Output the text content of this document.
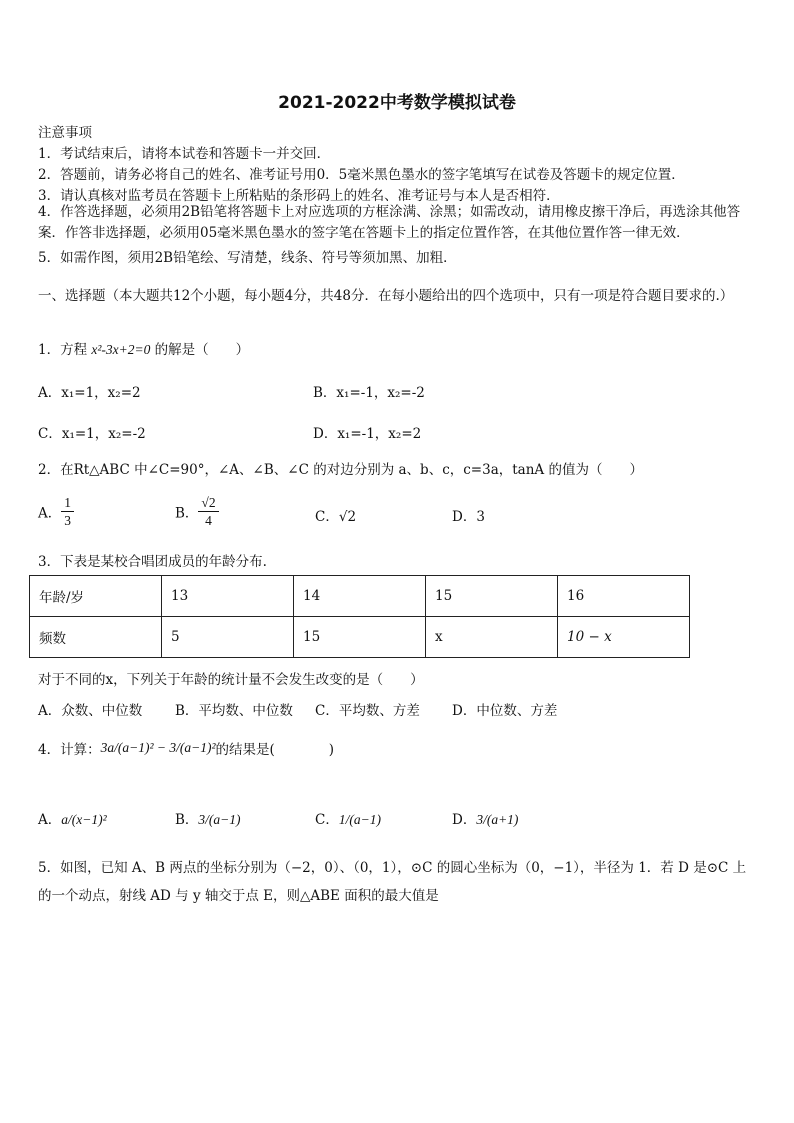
2021-2022中考数学模拟试卷
注意事项
1．考试结束后，请将本试卷和答题卡一并交回．
2．答题前，请务必将自己的姓名、准考证号用0．5毫米黑色墨水的签字笔填写在试卷及答题卡的规定位置．
3．请认真核对监考员在答题卡上所粘贴的条形码上的姓名、准考证号与本人是否相符．
4．作答选择题，必须用2B铅笔将答题卡上对应选项的方框涂满、涂黑；如需改动，请用橡皮擦干净后，再选涂其他答案．作答非选择题，必须用05毫米黑色墨水的签字笔在答题卡上的指定位置作答，在其他位置作答一律无效．
5．如需作图，须用2B铅笔绘、写清楚，线条、符号等须加黑、加粗．
一、选择题（本大题共12个小题，每小题4分，共48分．在每小题给出的四个选项中，只有一项是符合题目要求的.）
1．方程 x²-3x+2=0 的解是（　　）
A．x₁=1，x₂=2	B．x₁=-1，x₂=-2
C．x₁=1，x₂=-2	D．x₁=-1，x₂=2
2．在Rt△ABC 中∠C=90°，∠A、∠B、∠C 的对边分别为 a、b、c，c=3a，tanA 的值为（　　）
A． $\frac{1}{3}$	B． $\frac{√2}{4}$	C．√2	D．3
3．下表是某校合唱团成员的年龄分布.
年龄/岁	13	14	15	16
频数	5	15	x	10 − x
对于不同的x，下列关于年龄的统计量不会发生改变的是（　　）
A．众数、中位数 B．平均数、中位数 C．平均数、方差 D．中位数、方差
4．计算：3a/(a−1)² − 3/(a−1)²的结果是(　　　　)
A．a/(x−1)²	B．3/(a−1)	C．1/(a−1)	D．3/(a+1)
5．如图，已知 A、B 两点的坐标分别为（−2，0）、（0，1），⊙C 的圆心坐标为（0，−1），半径为 1．若 D 是⊙C 上的一个动点，射线 AD 与 y 轴交于点 E，则△ABE 面积的最大值是
